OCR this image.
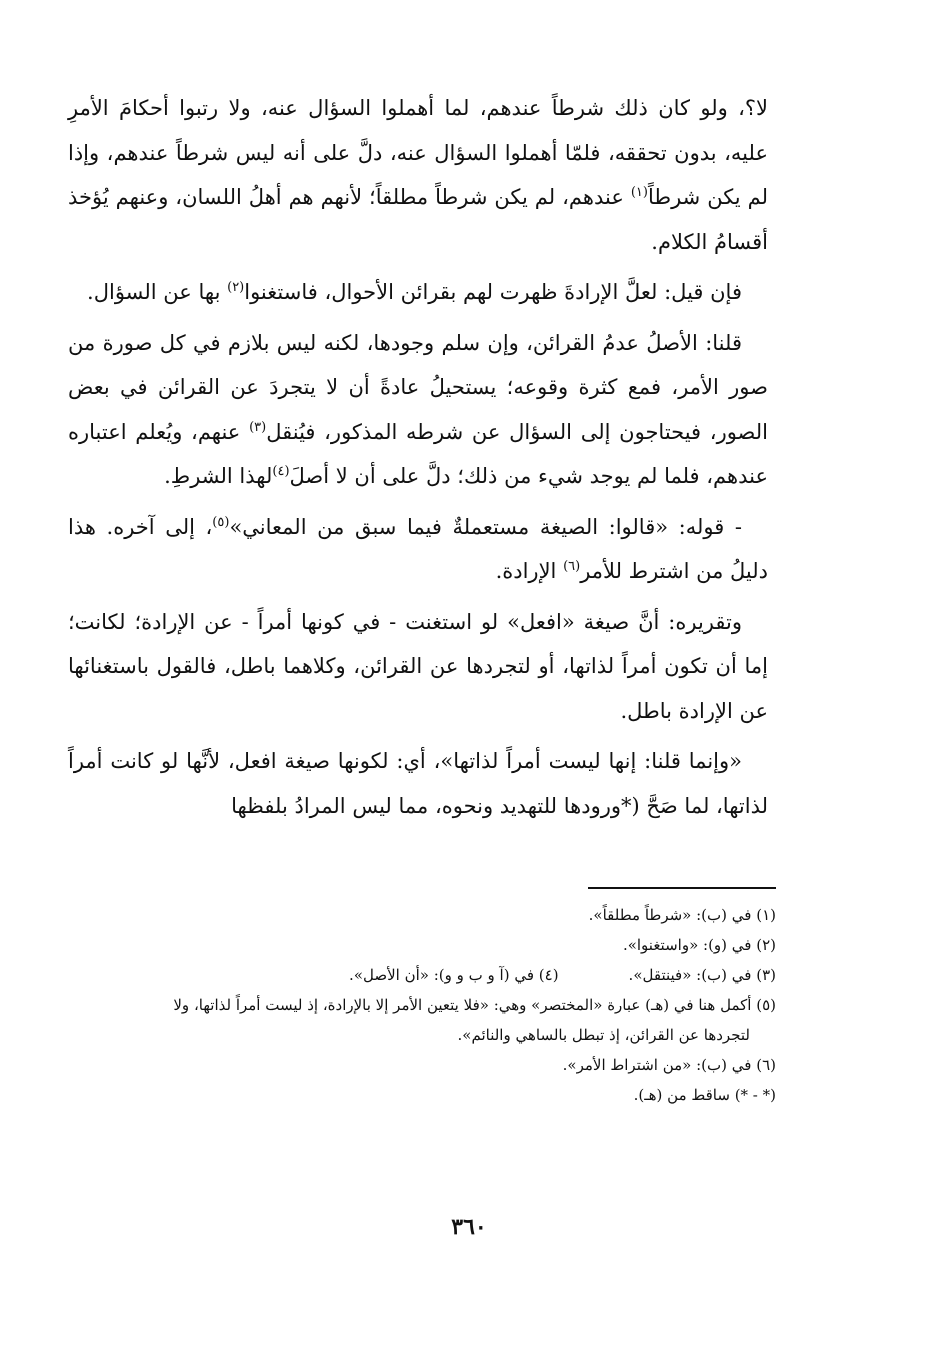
لا؟، ولو كان ذلك شرطاً عندهم، لما أهملوا السؤال عنه، ولا رتبوا أحكامَ الأمرِ عليه، بدون تحققه، فلمّا أهملوا السؤال عنه، دلَّ على أنه ليس شرطاً عندهم، وإذا لم يكن شرطاً$^{(١)}$ عندهم، لم يكن شرطاً مطلقاً؛ لأنهم هم أهلُ اللسان، وعنهم يُؤخذ أقسامُ الكلام.

فإن قيل: لعلَّ الإرادةَ ظهرت لهم بقرائن الأحوال، فاستغنوا$^{(٢)}$ بها عن السؤال.

قلنا: الأصلُ عدمُ القرائن، وإن سلم وجودها، لكنه ليس بلازم في كل صورة من صور الأمر، فمع كثرة وقوعه؛ يستحيلُ عادةً أن لا يتجردَ عن القرائن في بعض الصور، فيحتاجون إلى السؤال عن شرطه المذكور، فيُنقل$^{(٣)}$ عنهم، ويُعلم اعتباره عندهم، فلما لم يوجد شيء من ذلك؛ دلَّ على أن لا أصلَ$^{(٤)}$لهذا الشرطِ.

- قوله: «قالوا: الصيغة مستعملةٌ فيما سبق من المعاني»$^{(٥)}$، إلى آخره. هذا دليلُ من اشترط للأمر$^{(٦)}$ الإرادة.

وتقريره: أنَّ صيغة «افعل» لو استغنت - في كونها أمراً - عن الإرادة؛ لكانت؛ إما أن تكون أمراً لذاتها، أو لتجردها عن القرائن، وكلاهما باطل، فالقول باستغنائها عن الإرادة باطل.

«وإنما قلنا: إنها ليست أمراً لذاتها»، أي: لكونها صيغة افعل، لأنَّها لو كانت أمراً لذاتها، لما صَحَّ (*ورودها للتهديد ونحوه، مما ليس المرادُ بلفظها

(١) في (ب): «شرطاً مطلقاً».

(٢) في (و): «واستغنوا».

(٣) في (ب): «فينتقل».

(٤) في (آ و ب و و): «أن الأصل».

(٥) أكمل هنا في (هـ) عبارة «المختصر» وهي: «فلا يتعين الأمر إلا بالإرادة، إذ ليست أمراً لذاتها، ولا

لتجردها عن القرائن، إذ تبطل بالساهي والنائم».

(٦) في (ب): «من اشتراط الأمر».

(* - *) ساقط من (هـ).

٣٦٠
